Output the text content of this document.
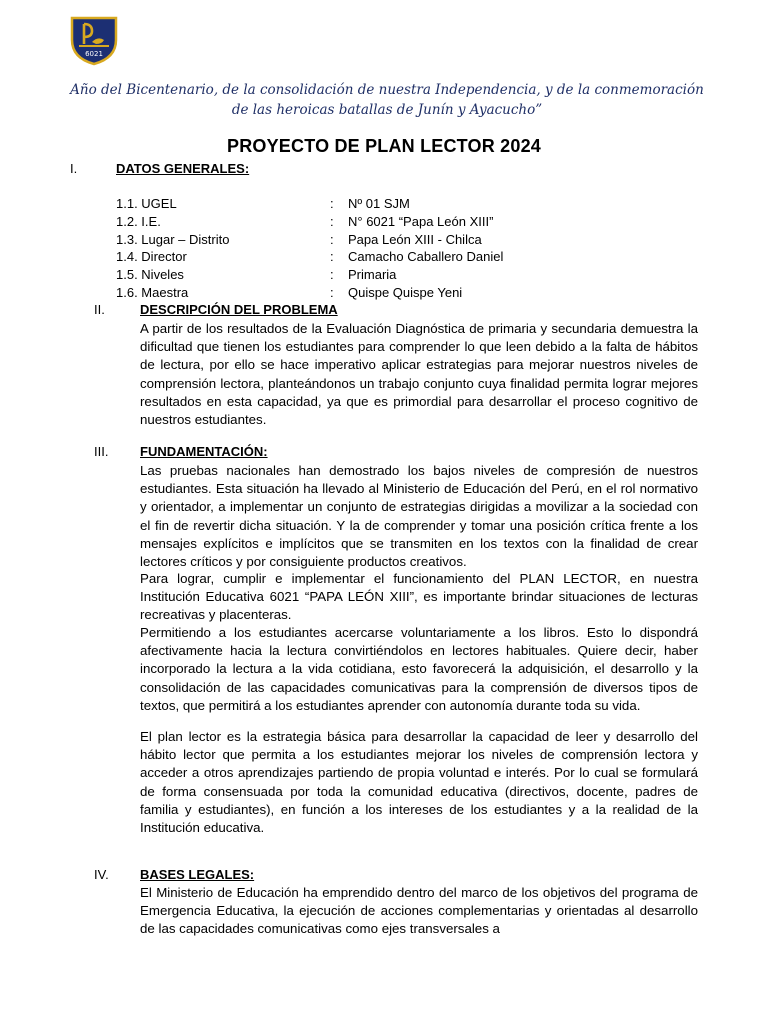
6021
Año del Bicentenario, de la consolidación de nuestra Independencia, y de la conmemoración
de las heroicas batallas de Junín y Ayacucho”
PROYECTO DE PLAN LECTOR 2024
I.	DATOS GENERALES:
1.1. UGEL	: Nº 01 SJM
1.2. I.E.	: N° 6021 “Papa León XIII”
1.3. Lugar – Distrito	: Papa León XIII - Chilca
1.4. Director	: Camacho Caballero Daniel
1.5. Niveles	: Primaria
1.6. Maestra	: Quispe Quispe Yeni
II.	DESCRIPCIÓN DEL PROBLEMA

A partir de los resultados de la Evaluación Diagnóstica de primaria y secundaria demuestra la dificultad que tienen los estudiantes para comprender lo que leen debido a la falta de hábitos de lectura, por ello se hace imperativo aplicar estrategias para mejorar nuestros niveles de comprensión lectora, planteándonos un trabajo conjunto cuya finalidad permita lograr mejores resultados en esta capacidad, ya que es primordial para desarrollar el proceso cognitivo de nuestros estudiantes.

III. FUNDAMENTACIÓN:

Las pruebas nacionales han demostrado los bajos niveles de compresión de nuestros estudiantes. Esta situación ha llevado al Ministerio de Educación del Perú, en el rol normativo y orientador, a implementar un conjunto de estrategias dirigidas a movilizar a la sociedad con el fin de revertir dicha situación. Y la de comprender y tomar una posición crítica frente a los mensajes explícitos e implícitos que se transmiten en los textos con la finalidad de crear lectores críticos y por consiguiente productos creativos.

Para lograr, cumplir e implementar el funcionamiento del PLAN LECTOR, en nuestra Institución Educativa 6021 “PAPA LEÓN XIII”, es importante brindar situaciones de lecturas recreativas y placenteras.

Permitiendo a los estudiantes acercarse voluntariamente a los libros. Esto lo dispondrá afectivamente hacia la lectura convirtiéndolos en lectores habituales. Quiere decir, haber incorporado la lectura a la vida cotidiana, esto favorecerá la adquisición, el desarrollo y la consolidación de las capacidades comunicativas para la comprensión de diversos tipos de textos, que permitirá a los estudiantes aprender con autonomía durante toda su vida.

El plan lector es la estrategia básica para desarrollar la capacidad de leer y desarrollo del hábito lector que permita a los estudiantes mejorar los niveles de comprensión lectora y acceder a otros aprendizajes partiendo de propia voluntad e interés. Por lo cual se formulará de forma consensuada por toda la comunidad educativa (directivos, docente, padres de familia y estudiantes), en función a los intereses de los estudiantes y a la realidad de la Institución educativa.

IV. BASES LEGALES:

El Ministerio de Educación ha emprendido dentro del marco de los objetivos del programa de Emergencia Educativa, la ejecución de acciones complementarias y orientadas al desarrollo de las capacidades comunicativas como ejes transversales a
